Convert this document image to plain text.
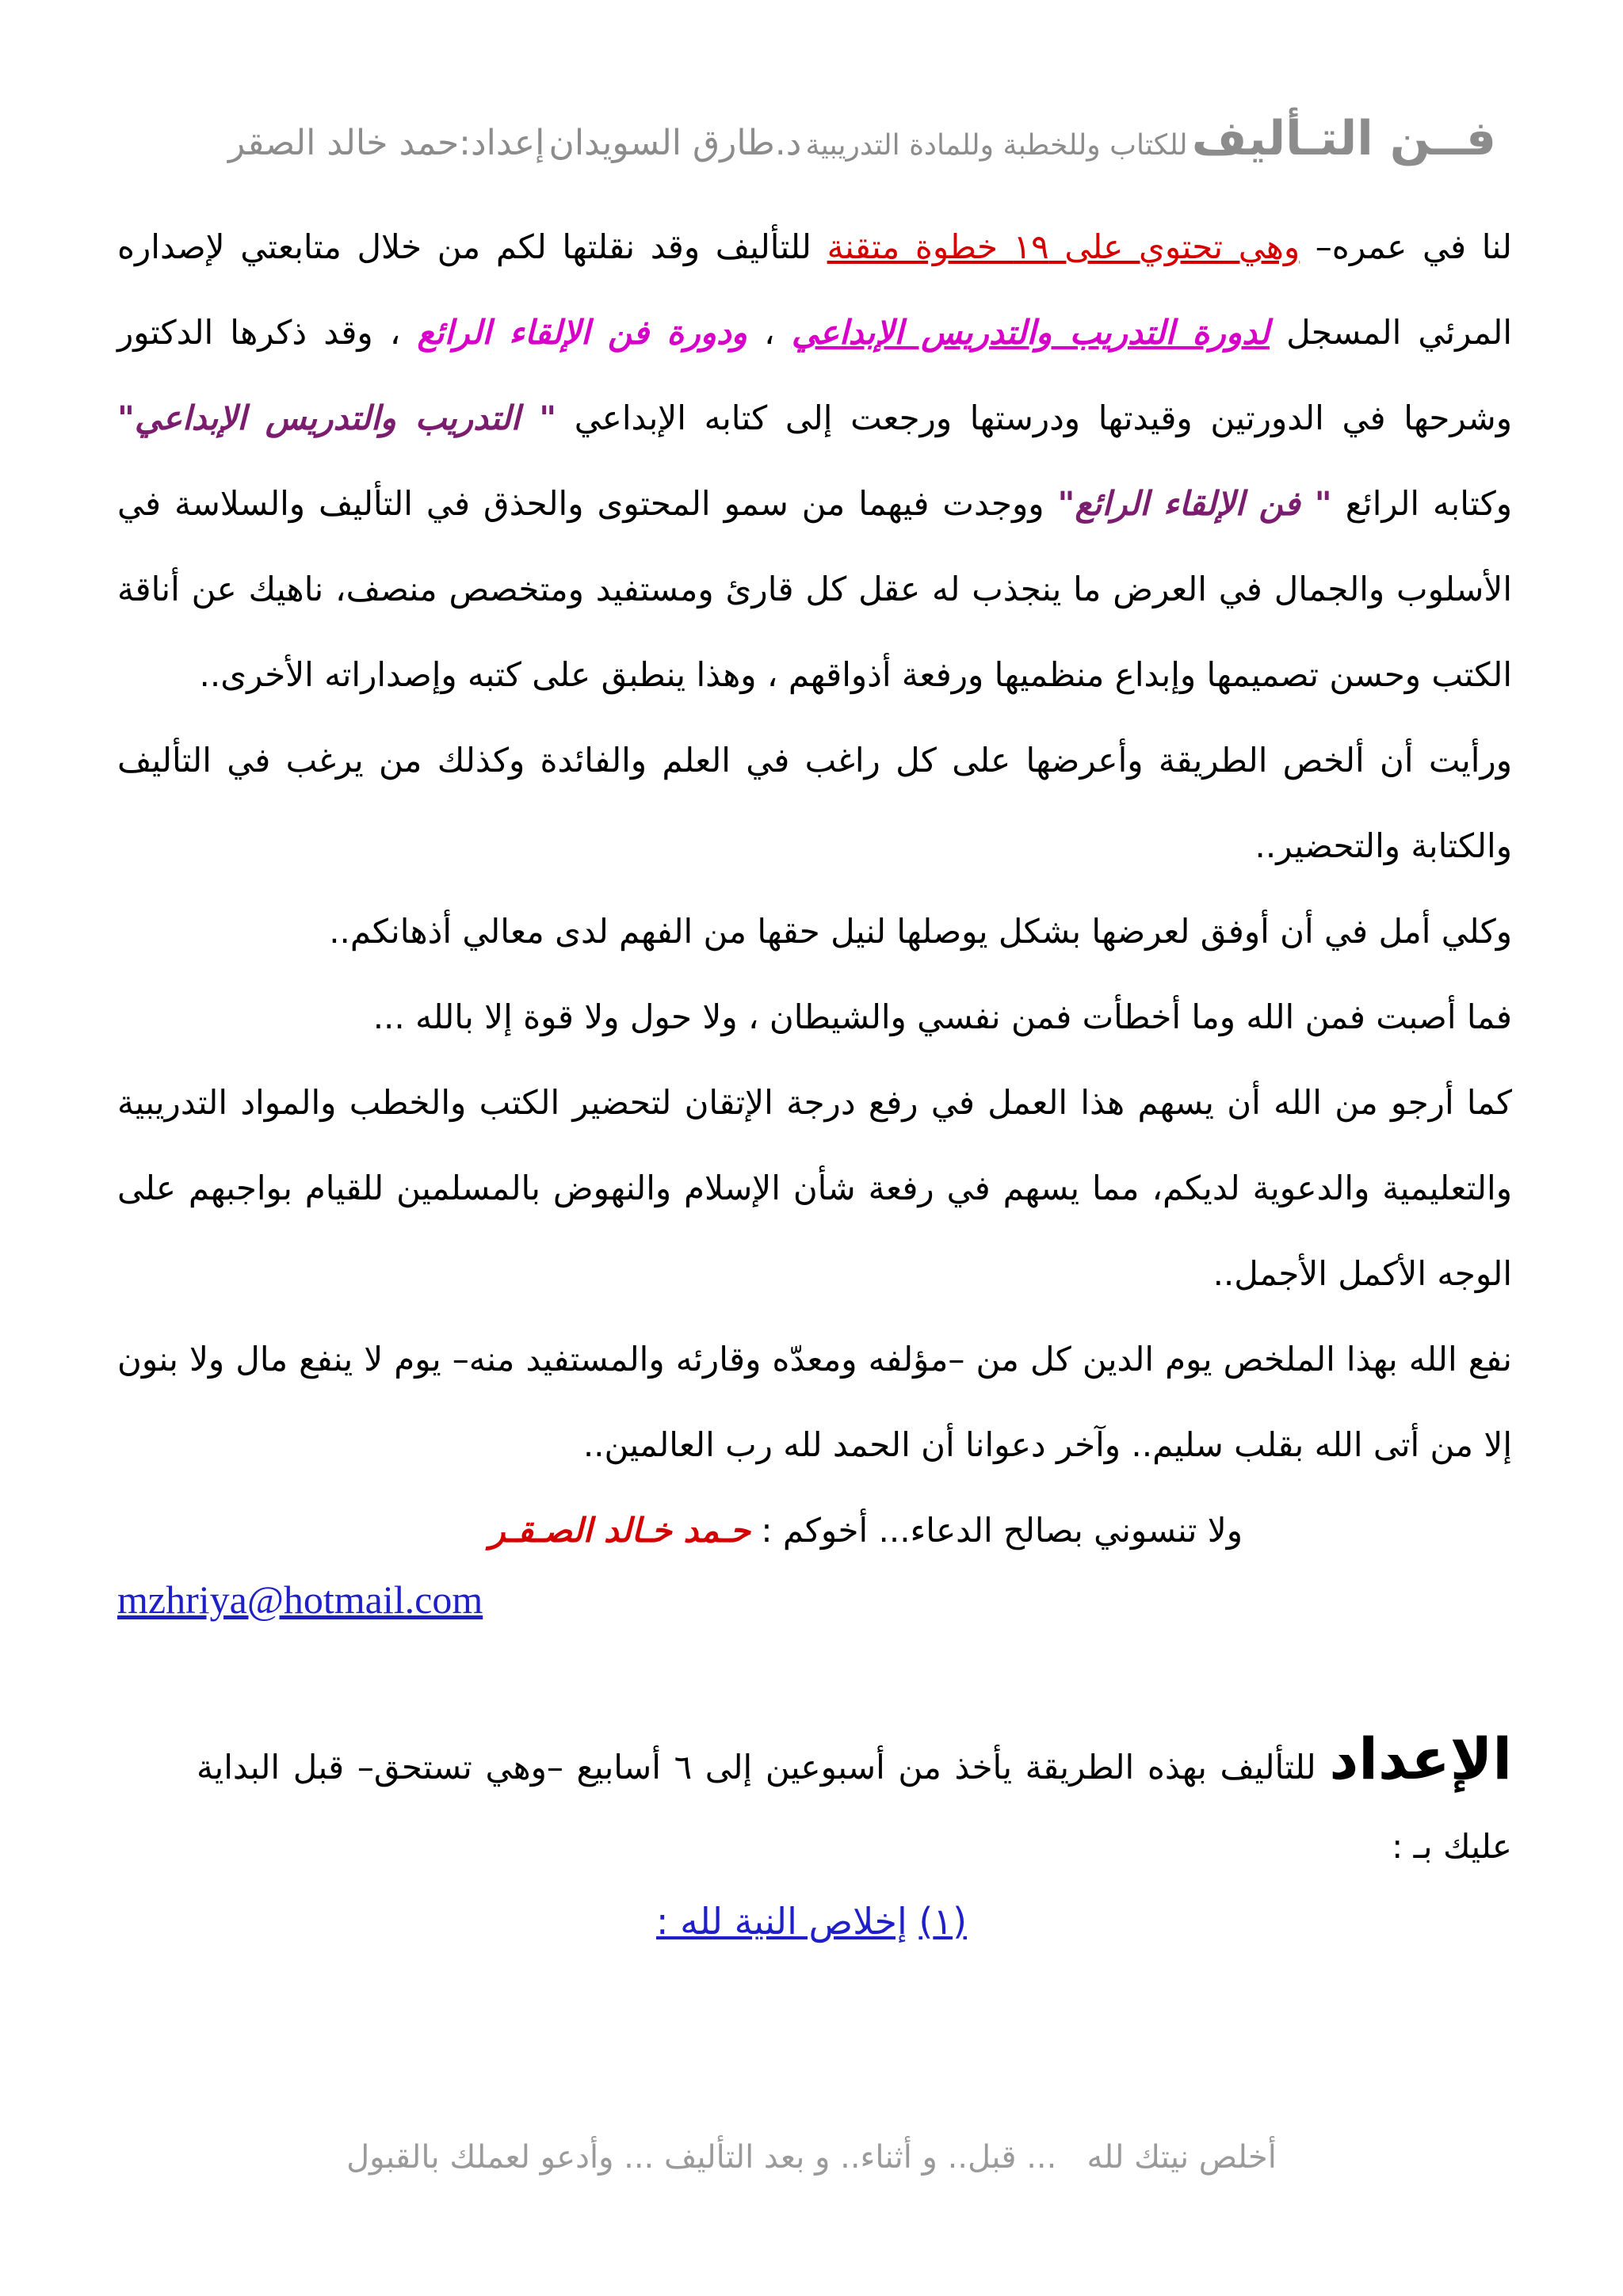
فــن التـأليف للكتاب وللخطبة وللمادة التدريبية د.طارق السويدان إعداد:حمد خالد الصقر

لنا في عمره– وهي تحتوي على ١٩ خطوة متقنة للتأليف وقد نقلتها لكم من خلال متابعتي لإصداره المرئي المسجل لدورة التدريب والتدريس الإبداعي ، ودورة فن الإلقاء الرائع ، وقد ذكرها الدكتور وشرحها في الدورتين وقيدتها ودرستها ورجعت إلى كتابه الإبداعي " التدريب والتدريس الإبداعي" وكتابه الرائع " فن الإلقاء الرائع" ووجدت فيهما من سمو المحتوى والحذق في التأليف والسلاسة في الأسلوب والجمال في العرض ما ينجذب له عقل كل قارئ ومستفيد ومتخصص منصف، ناهيك عن أناقة الكتب وحسن تصميمها وإبداع منظميها ورفعة أذواقهم ، وهذا ينطبق على كتبه وإصداراته الأخرى..

ورأيت أن ألخص الطريقة وأعرضها على كل راغب في العلم والفائدة وكذلك من يرغب في التأليف والكتابة والتحضير..

وكلي أمل في أن أوفق لعرضها بشكل يوصلها لنيل حقها من الفهم لدى معالي أذهانكم..

فما أصبت فمن الله وما أخطأت فمن نفسي والشيطان ، ولا حول ولا قوة إلا بالله ...

كما أرجو من الله أن يسهم هذا العمل في رفع درجة الإتقان لتحضير الكتب والخطب والمواد التدريبية والتعليمية والدعوية لديكم، مما يسهم في رفعة شأن الإسلام والنهوض بالمسلمين للقيام بواجبهم على الوجه الأكمل الأجمل..

نفع الله بهذا الملخص يوم الدين كل من –مؤلفه ومعدّه وقارئه والمستفيد منه– يوم لا ينفع مال ولا بنون إلا من أتى الله بقلب سليم.. وآخر دعوانا أن الحمد لله رب العالمين..

ولا تنسوني بصالح الدعاء... أخوكم : حـمد خـالد الصـقـر

mzhriya@hotmail.com

الإعداد للتأليف بهذه الطريقة يأخذ من أسبوعين إلى ٦ أسابيع –وهي تستحق– قبل البداية عليك بـ :

(١) إخلاص النية لله :
أخلص نيتك لله   ... قبل.. و أثناء.. و بعد التأليف ... وأدعو لعملك بالقبول
